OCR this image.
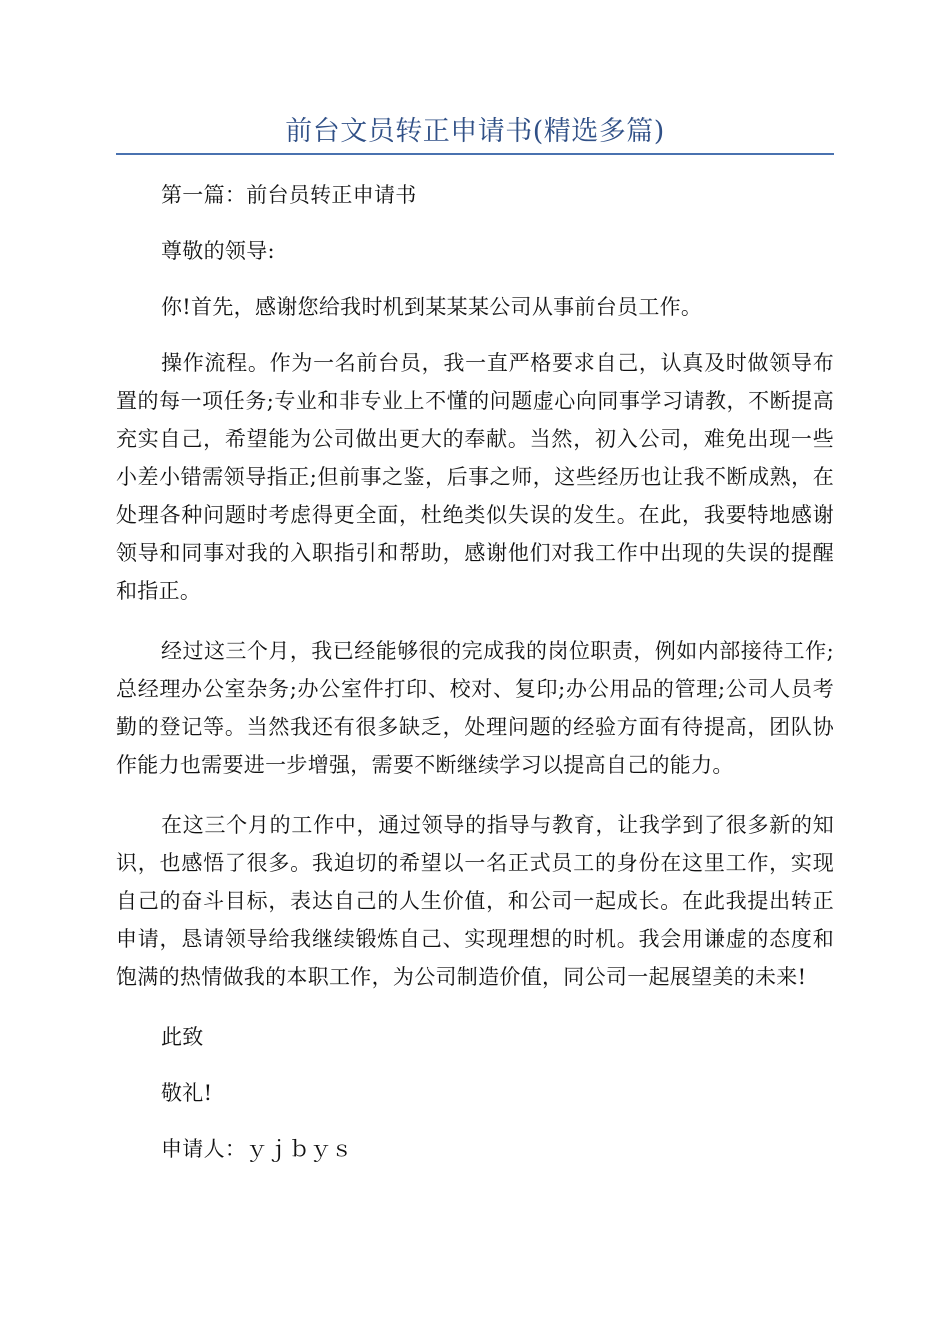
前台文员转正申请书(精选多篇)

第一篇：前台员转正申请书

尊敬的领导:

你!首先，感谢您给我时机到某某某公司从事前台员工作。

操作流程。作为一名前台员，我一直严格要求自己，认真及时做领导布置的每一项任务;专业和非专业上不懂的问题虚心向同事学习请教，不断提高充实自己，希望能为公司做出更大的奉献。当然，初入公司，难免出现一些小差小错需领导指正;但前事之鉴，后事之师，这些经历也让我不断成熟，在处理各种问题时考虑得更全面，杜绝类似失误的发生。在此，我要特地感谢领导和同事对我的入职指引和帮助，感谢他们对我工作中出现的失误的提醒和指正。

经过这三个月，我已经能够很的完成我的岗位职责，例如内部接待工作;总经理办公室杂务;办公室件打印、校对、复印;办公用品的管理;公司人员考勤的登记等。当然我还有很多缺乏，处理问题的经验方面有待提高，团队协作能力也需要进一步增强，需要不断继续学习以提高自己的能力。

在这三个月的工作中，通过领导的指导与教育，让我学到了很多新的知识，也感悟了很多。我迫切的希望以一名正式员工的身份在这里工作，实现自己的奋斗目标，表达自己的人生价值，和公司一起成长。在此我提出转正申请，恳请领导给我继续锻炼自己、实现理想的时机。我会用谦虚的态度和饱满的热情做我的本职工作，为公司制造价值，同公司一起展望美的未来!

此致

敬礼!

申请人：ｙｊｂｙｓ
